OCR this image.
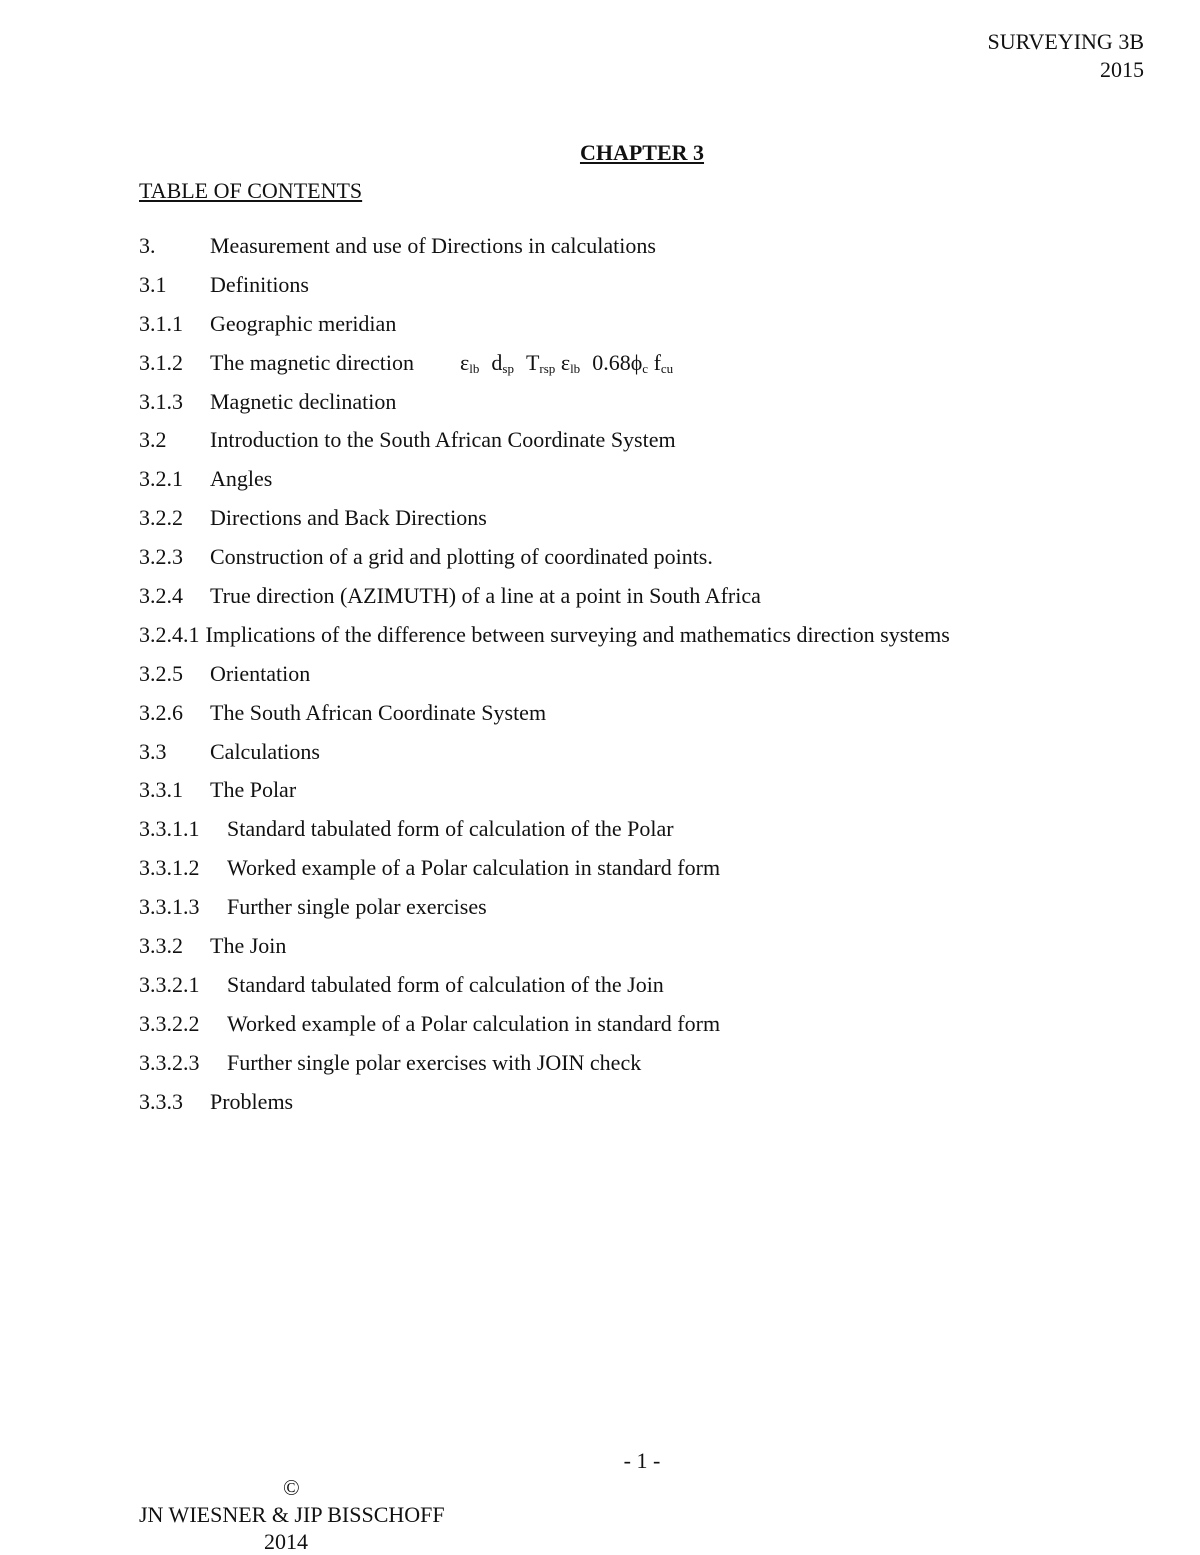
SURVEYING 3B
2015
CHAPTER 3
TABLE OF CONTENTS
3. Measurement and use of Directions in calculations
3.1 Definitions
3.1.1 Geographic meridian
3.1.2 The magnetic direction $\varepsilon_{lb}$ $d_{sp}$ $T_{rsp}$ $\varepsilon_{lb}$ $0.68\phi_c$ $f_{cu}$
3.1.3 Magnetic declination
3.2 Introduction to the South African Coordinate System
3.2.1 Angles
3.2.2 Directions and Back Directions
3.2.3 Construction of a grid and plotting of coordinated points.
3.2.4 True direction (AZIMUTH) of a line at a point in South Africa
3.2.4.1 Implications of the difference between surveying and mathematics direction systems
3.2.5 Orientation
3.2.6 The South African Coordinate System
3.3 Calculations
3.3.1 The Polar
3.3.1.1 Standard tabulated form of calculation of the Polar
3.3.1.2 Worked example of a Polar calculation in standard form
3.3.1.3 Further single polar exercises
3.3.2 The Join
3.3.2.1 Standard tabulated form of calculation of the Join
3.3.2.2 Worked example of a Polar calculation in standard form
3.3.2.3 Further single polar exercises with JOIN check
3.3.3 Problems
- 1 -
©
JN WIESNER & JIP BISSCHOFF
2014
